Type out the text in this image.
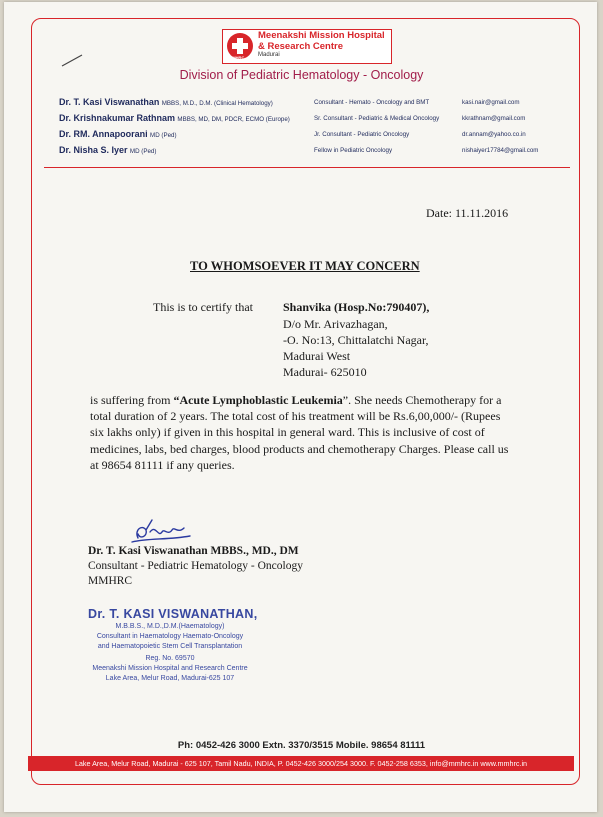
MMHRC
Meenakshi Mission Hospital
& Research Centre
Madurai
Division of Pediatric Hematology - Oncology
Dr. T. Kasi Viswanathan MBBS, M.D., D.M. (Clinical Hematology)	Consultant - Hemato - Oncology and BMT	kasi.nair@gmail.com
Dr. Krishnakumar Rathnam MBBS, MD, DM, PDCR, ECMO (Europe)	Sr. Consultant - Pediatric & Medical Oncology	kkrathnam@gmail.com
Dr. RM. Annapoorani MD (Ped)	Jr. Consultant - Pediatric Oncology	dr.annam@yahoo.co.in
Dr. Nisha S. Iyer MD (Ped)	Fellow in Pediatric Oncology	nishaiyer17784@gmail.com
Date: 11.11.2016
TO WHOMSOEVER IT MAY CONCERN
This is to certify that	Shanvika (Hosp.No:790407),
D/o Mr. Arivazhagan,
-O. No:13, Chittalatchi Nagar,
Madurai West
Madurai- 625010
is suffering from “Acute Lymphoblastic Leukemia”. She needs Chemotherapy for a total duration of 2 years. The total cost of his treatment will be Rs.6,00,000/- (Rupees six lakhs only) if given in this hospital in general ward. This is inclusive of cost of medicines, labs, bed charges, blood products and chemotherapy Charges. Please call us at 98654 81111 if any queries.
Dr. T. Kasi Viswanathan MBBS., MD., DM
Consultant - Pediatric Hematology - Oncology
MMHRC
Dr. T. KASI VISWANATHAN,
M.B.B.S., M.D.,D.M.(Haematology)
Consultant in Haematology Haemato-Oncology
and Haematopoietic Stem Cell Transplantation
Reg. No. 69570
Meenakshi Mission Hospital and Research Centre
Lake Area, Melur Road, Madurai-625 107
Ph: 0452-426 3000 Extn. 3370/3515 Mobile. 98654 81111
Lake Area, Melur Road, Madurai - 625 107, Tamil Nadu, INDIA, P. 0452-426 3000/254 3000. F. 0452-258 6353, info@mmhrc.in www.mmhrc.in
